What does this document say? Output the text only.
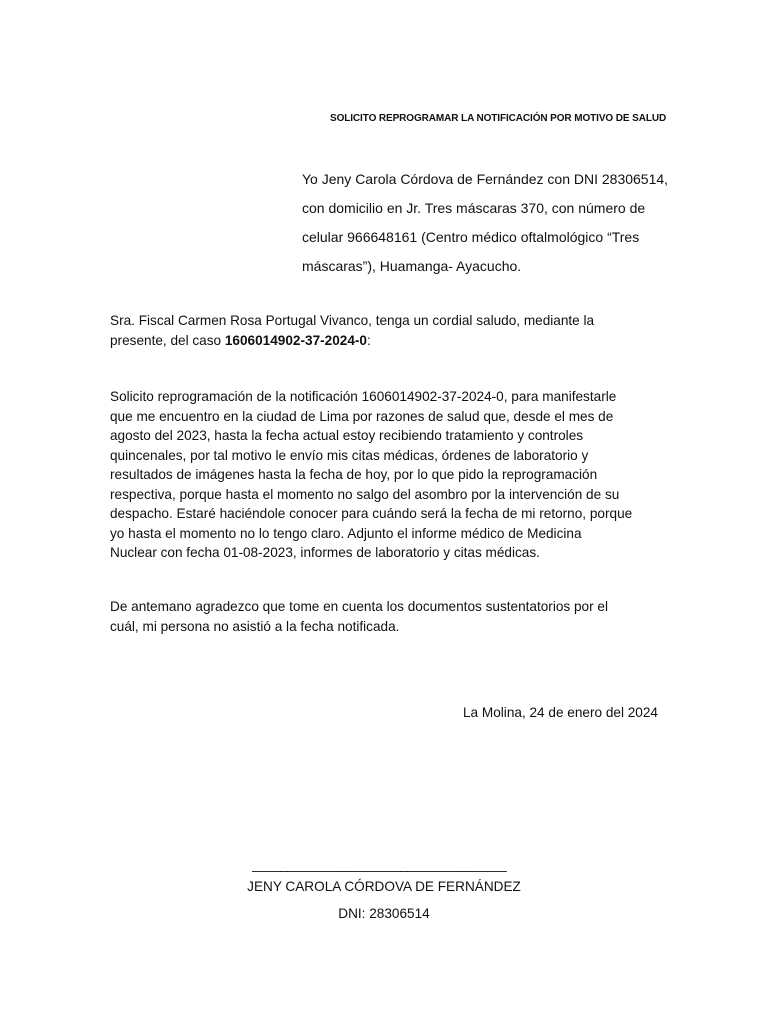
SOLICITO REPROGRAMAR LA NOTIFICACIÓN POR MOTIVO DE SALUD
Yo Jeny Carola Córdova de Fernández con DNI 28306514,
con domicilio en Jr. Tres máscaras 370, con número de
celular 966648161 (Centro médico oftalmológico “Tres
máscaras”), Huamanga- Ayacucho.
Sra. Fiscal Carmen Rosa Portugal Vivanco, tenga un cordial saludo, mediante la
presente, del caso 1606014902-37-2024-0:
Solicito reprogramación de la notificación 1606014902-37-2024-0, para manifestarle
que me encuentro en la ciudad de Lima por razones de salud que, desde el mes de
agosto del 2023, hasta la fecha actual estoy recibiendo tratamiento y controles
quincenales, por tal motivo le envío mis citas médicas, órdenes de laboratorio y
resultados de imágenes hasta la fecha de hoy, por lo que pido la reprogramación
respectiva, porque hasta el momento no salgo del asombro por la intervención de su
despacho. Estaré haciéndole conocer para cuándo será la fecha de mi retorno, porque
yo hasta el momento no lo tengo claro. Adjunto el informe médico de Medicina
Nuclear con fecha 01-08-2023, informes de laboratorio y citas médicas.
De antemano agradezco que tome en cuenta los documentos sustentatorios por el
cuál, mi persona no asistió a la fecha notificada.
La Molina, 24 de enero del 2024
____________________________________
JENY CAROLA CÓRDOVA DE FERNÁNDEZ
DNI: 28306514
